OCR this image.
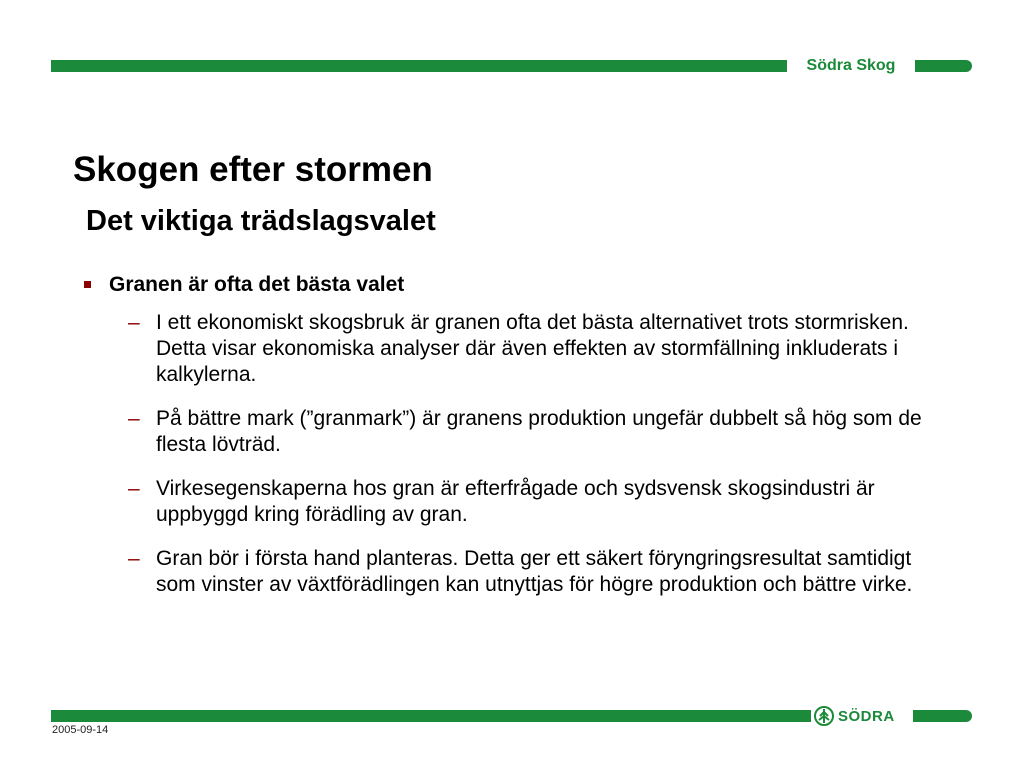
Södra Skog
Skogen efter stormen
Det viktiga trädslagsvalet
Granen är ofta det bästa valet
– I ett ekonomiskt skogsbruk är granen ofta det bästa alternativet trots stormrisken. Detta visar ekonomiska analyser där även effekten av stormfällning inkluderats i kalkylerna.
– På bättre mark (”granmark”) är granens produktion ungefär dubbelt så hög som de flesta lövträd.
– Virkesegenskaperna hos gran är efterfrågade och sydsvensk skogsindustri är uppbyggd kring förädling av gran.
– Gran bör i första hand planteras. Detta ger ett säkert föryngringsresultat samtidigt som vinster av växtförädlingen kan utnyttjas för högre produktion och bättre virke.
SÖDRA
2005-09-14
